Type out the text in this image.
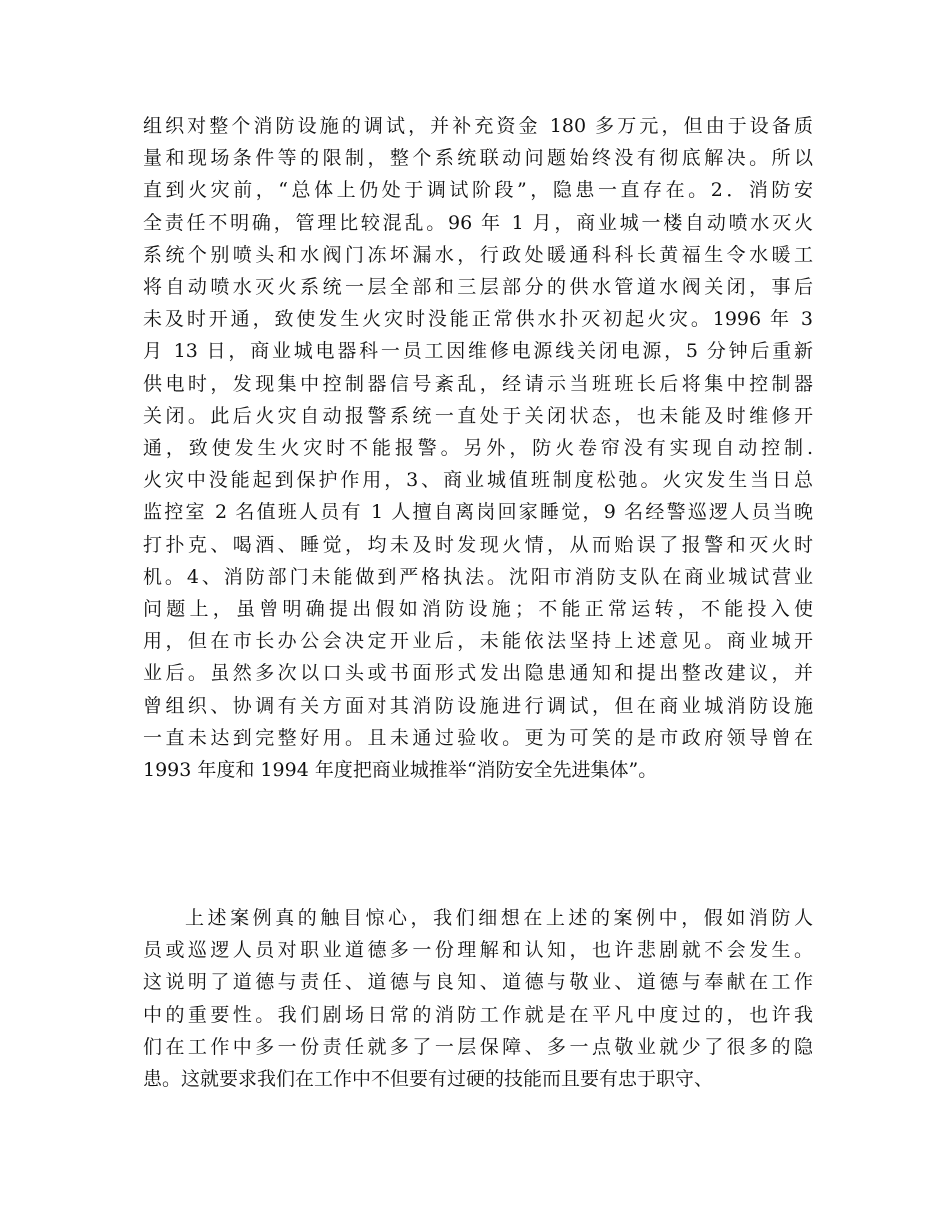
组织对整个消防设施的调试，并补充资金 180 多万元，但由于设备质
量和现场条件等的限制，整个系统联动问题始终没有彻底解决。所以
直到火灾前，“总体上仍处于调试阶段”，隐患一直存在。2．消防安
全责任不明确，管理比较混乱。96 年 1 月，商业城一楼自动喷水灭火
系统个别喷头和水阀门冻坏漏水，行政处暖通科科长黄福生令水暖工
将自动喷水灭火系统一层全部和三层部分的供水管道水阀关闭，事后
未及时开通，致使发生火灾时没能正常供水扑灭初起火灾。1996 年 3
月 13 日，商业城电器科一员工因维修电源线关闭电源，5 分钟后重新
供电时，发现集中控制器信号紊乱，经请示当班班长后将集中控制器
关闭。此后火灾自动报警系统一直处于关闭状态，也未能及时维修开
通，致使发生火灾时不能报警。另外，防火卷帘没有实现自动控制.
火灾中没能起到保护作用，3、商业城值班制度松弛。火灾发生当日总
监控室 2 名值班人员有 1 人擅自离岗回家睡觉，9 名经警巡逻人员当晚
打扑克、喝酒、睡觉，均未及时发现火情，从而贻误了报警和灭火时
机。4、消防部门未能做到严格执法。沈阳市消防支队在商业城试营业
问题上，虽曾明确提出假如消防设施；不能正常运转，不能投入使
用，但在市长办公会决定开业后，未能依法坚持上述意见。商业城开
业后。虽然多次以口头或书面形式发出隐患通知和提出整改建议，并
曾组织、协调有关方面对其消防设施进行调试，但在商业城消防设施
一直未达到完整好用。且未通过验收。更为可笑的是市政府领导曾在
1993 年度和 1994 年度把商业城推举“消防安全先进集体”。
上述案例真的触目惊心，我们细想在上述的案例中，假如消防人
员或巡逻人员对职业道德多一份理解和认知，也许悲剧就不会发生。
这说明了道德与责任、道德与良知、道德与敬业、道德与奉献在工作
中的重要性。我们剧场日常的消防工作就是在平凡中度过的，也许我
们在工作中多一份责任就多了一层保障、多一点敬业就少了很多的隐
患。这就要求我们在工作中不但要有过硬的技能而且要有忠于职守、
